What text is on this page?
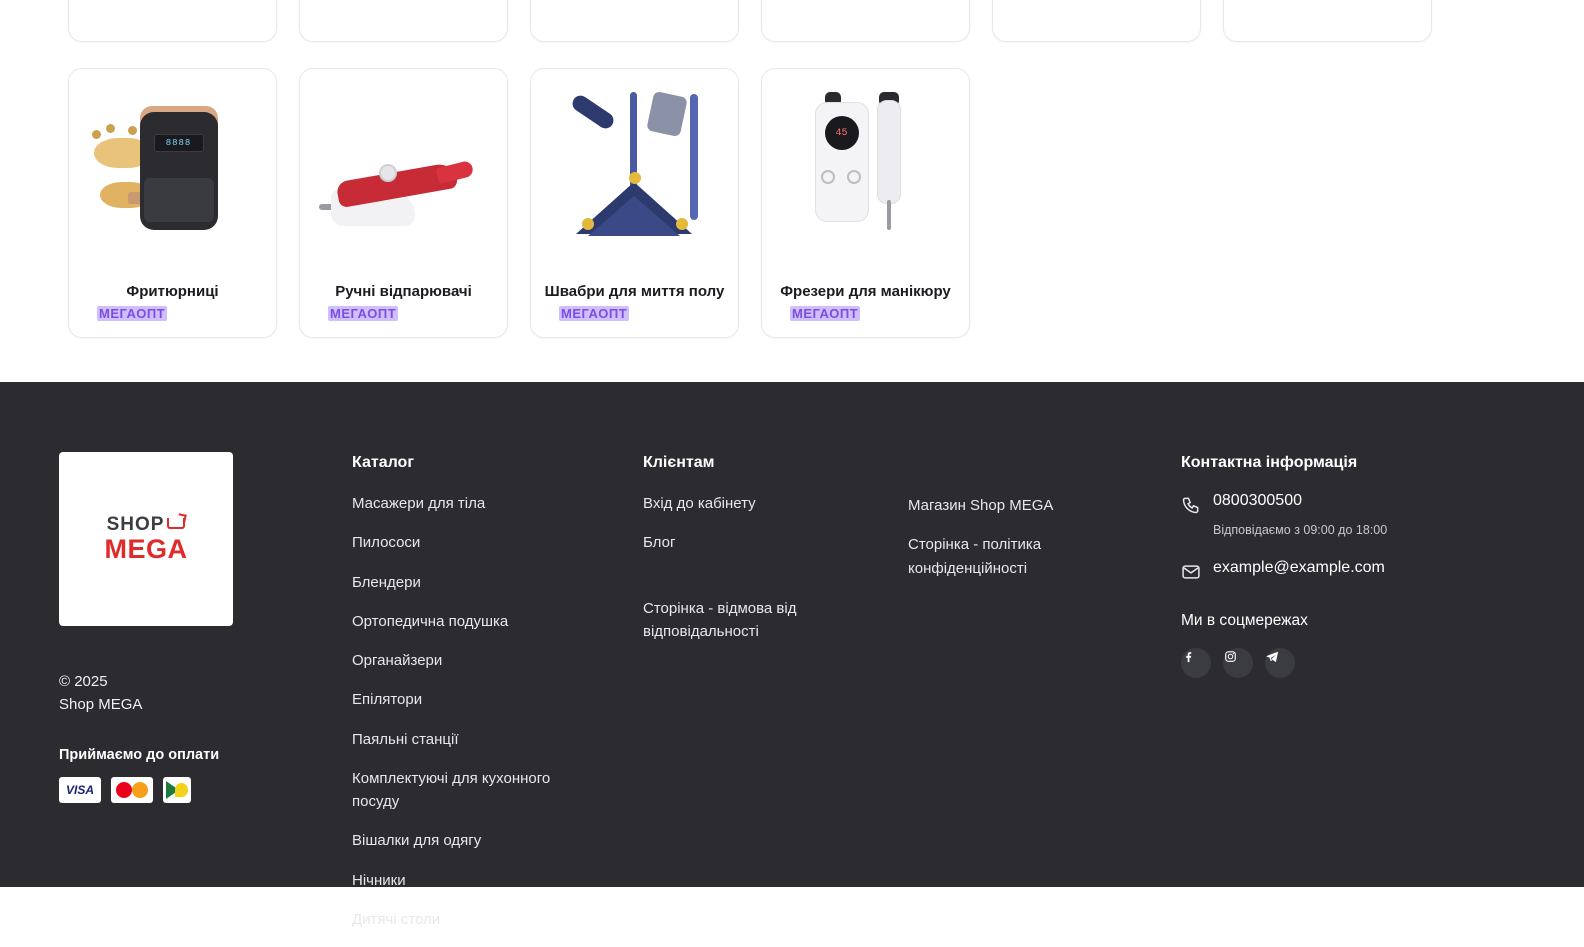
8888
МЕГАОПТ
Фритюрниці
МЕГАОПТ
Ручні відпарювачі
МЕГАОПТ
Швабри для миття полу
45
МЕГАОПТ
Фрезери для манікюру
SHOP
MEGA
© 2025
Shop MEGA
Приймаємо до оплати
VISA
Каталог
Масажери для тіла
Пилососи
Блендери
Ортопедична подушка
Органайзери
Епілятори
Паяльні станції
Комплектуючі для кухонного посуду
Вішалки для одягу
Нічники
Дитячі столи
Клієнтам
Вхід до кабінету
Блог
Сторінка - відмова від відповідальності
Магазин Shop MEGA
Сторінка - політика конфіденційності
Контактна інформація
0800300500
Відповідаємо з 09:00 до 18:00
example@example.com
Ми в соцмережах
